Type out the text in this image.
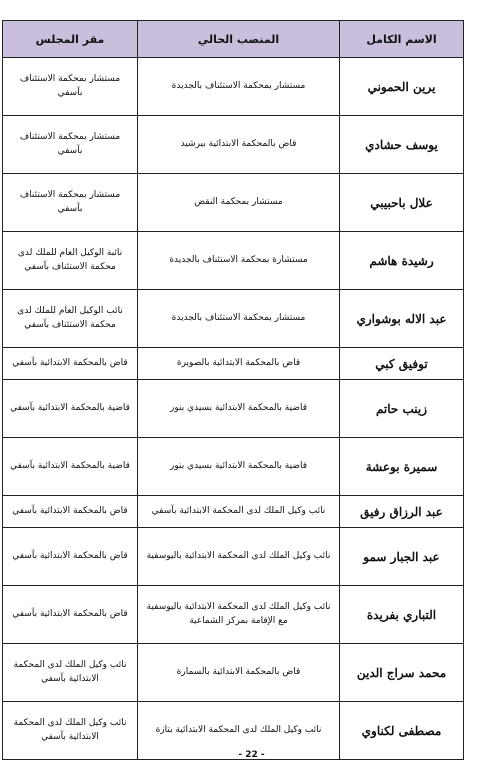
الاسم الكامل	المنصب الحالي	مقر المجلس
يرين الحموني	مستشار بمحكمة الاستئناف بالجديدة	مستشار بمحكمة الاستئناف بآسفي
يوسف حشادي	قاض بالمحكمة الابتدائية بيرشيد	مستشار بمحكمة الاستئناف بآسفي
علال باحبيبي	مستشار بمحكمة النقض	مستشار بمحكمة الاستئناف بآسفي
رشيدة هاشم	مستشارة بمحكمة الاستئناف بالجديدة	نائبة الوكيل العام للملك لدى محكمة الاستئناف بآسفي
عبد الاله بوشواري	مستشار بمحكمة الاستئناف بالجديدة	نائب الوكيل العام للملك لدى محكمة الاستئناف بآسفي
توفيق كبي	قاض بالمحكمة الابتدائية بالصويرة	قاض بالمحكمة الابتدائية بآسفي
زينب حاتم	قاضية بالمحكمة الابتدائية بسيدي بنور	قاضية بالمحكمة الابتدائية بآسفي
سميرة بوعشة	قاضية بالمحكمة الابتدائية بسيدي بنور	قاضية بالمحكمة الابتدائية بآسفي
عبد الرزاق رفيق	نائب وكيل الملك لدى المحكمة الابتدائية بآسفي	قاض بالمحكمة الابتدائية بآسفي
عبد الجبار سمو	نائب وكيل الملك لدى المحكمة الابتدائية باليوسفية	قاض بالمحكمة الابتدائية بآسفي
التباري بفريدة	نائب وكيل الملك لدى المحكمة الابتدائية باليوسفية مع الإقامة بمركز الشماعية	قاض بالمحكمة الابتدائية بآسفي
محمد سراج الدين	قاض بالمحكمة الابتدائية بالسمارة	نائب وكيل الملك لدى المحكمة الابتدائية بآسفي
مصطفى لكناوي	نائب وكيل الملك لدى المحكمة الابتدائية بتازة	نائب وكيل الملك لدى المحكمة الابتدائية بآسفي
- 22 -
